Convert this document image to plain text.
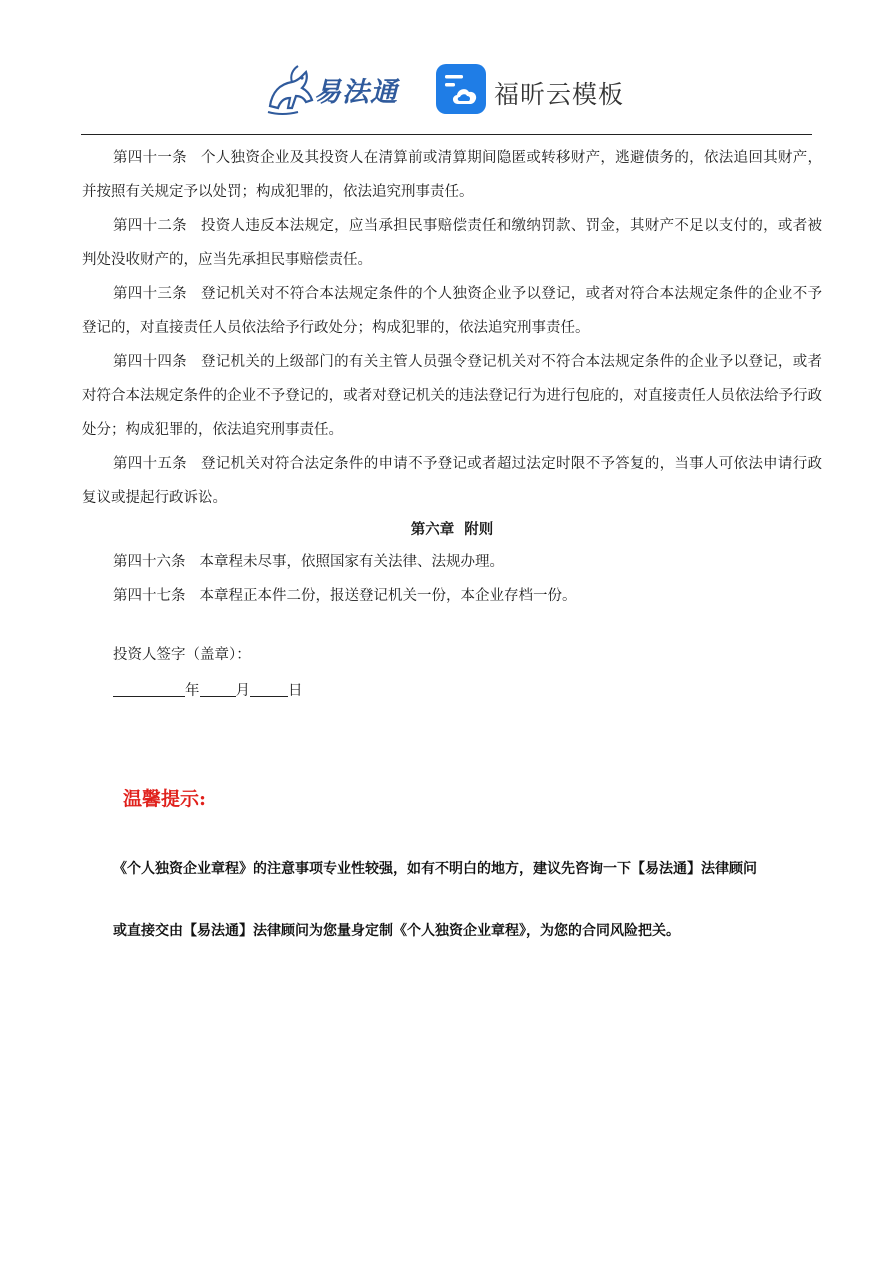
易法通	福昕云模板

第四十一条 个人独资企业及其投资人在清算前或清算期间隐匿或转移财产，逃避债务的，依法追回其财产，并按照有关规定予以处罚；构成犯罪的，依法追究刑事责任。

第四十二条 投资人违反本法规定，应当承担民事赔偿责任和缴纳罚款、罚金，其财产不足以支付的，或者被判处没收财产的，应当先承担民事赔偿责任。

第四十三条 登记机关对不符合本法规定条件的个人独资企业予以登记，或者对符合本法规定条件的企业不予登记的，对直接责任人员依法给予行政处分；构成犯罪的，依法追究刑事责任。

第四十四条 登记机关的上级部门的有关主管人员强令登记机关对不符合本法规定条件的企业予以登记，或者对符合本法规定条件的企业不予登记的，或者对登记机关的违法登记行为进行包庇的，对直接责任人员依法给予行政处分；构成犯罪的，依法追究刑事责任。

第四十五条 登记机关对符合法定条件的申请不予登记或者超过法定时限不予答复的，当事人可依法申请行政复议或提起行政诉讼。

第六章 附则

第四十六条 本章程未尽事，依照国家有关法律、法规办理。

第四十七条 本章程正本件二份，报送登记机关一份，本企业存档一份。

投资人签字（盖章）：

年 月	日

温馨提示:

《个人独资企业章程》的注意事项专业性较强，如有不明白的地方，建议先咨询一下【易法通】法律顾问

或直接交由【易法通】法律顾问为您量身定制《个人独资企业章程》，为您的合同风险把关。
